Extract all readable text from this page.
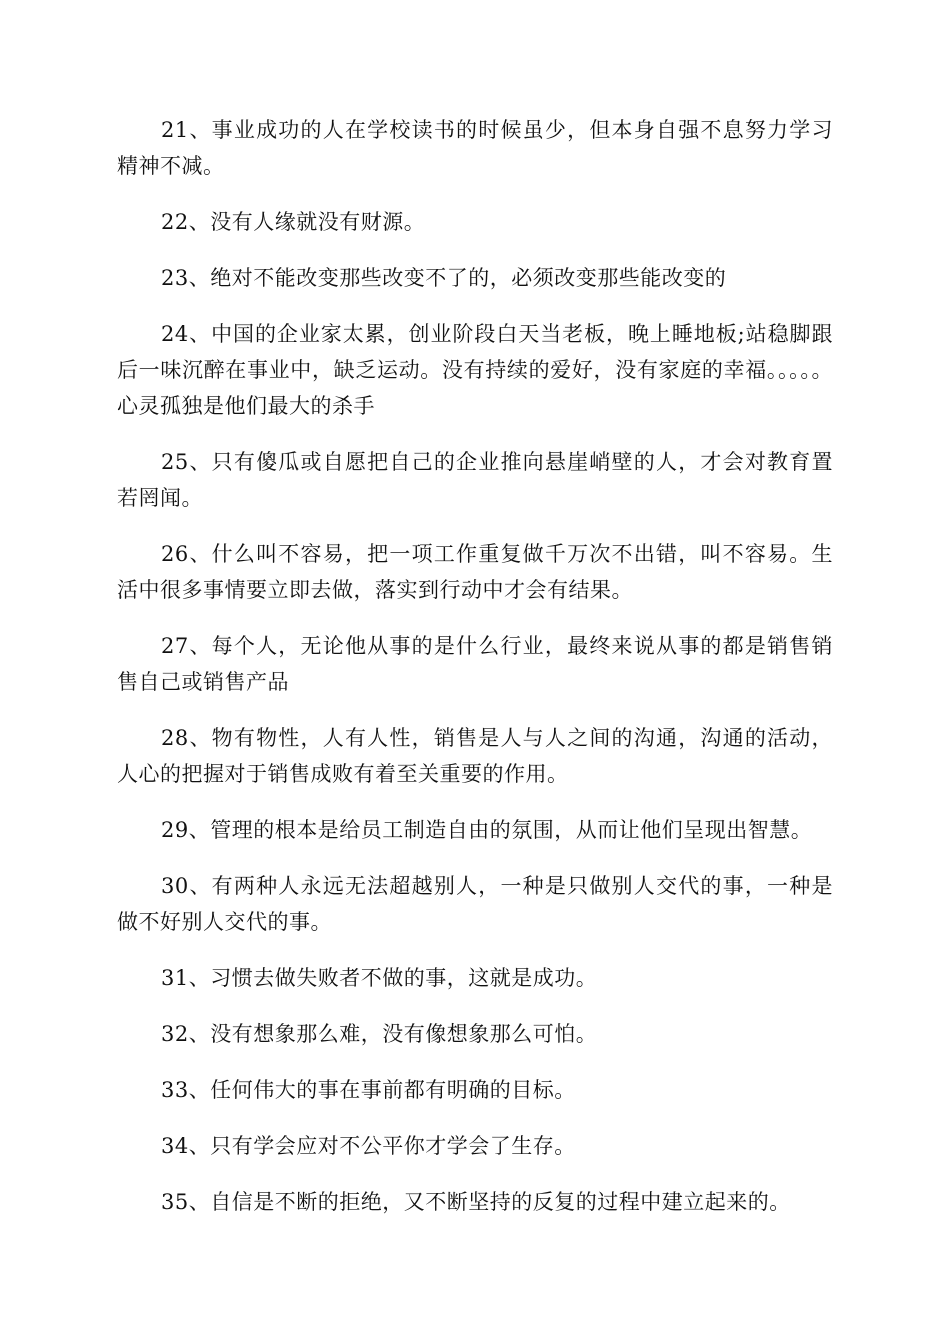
21、事业成功的人在学校读书的时候虽少，但本身自强不息努力学习精神不减。

22、没有人缘就没有财源。

23、绝对不能改变那些改变不了的，必须改变那些能改变的

24、中国的企业家太累，创业阶段白天当老板，晚上睡地板;站稳脚跟后一味沉醉在事业中，缺乏运动。没有持续的爱好，没有家庭的幸福。。。。。心灵孤独是他们最大的杀手

25、只有傻瓜或自愿把自己的企业推向悬崖峭壁的人，才会对教育置若罔闻。

26、什么叫不容易，把一项工作重复做千万次不出错，叫不容易。生活中很多事情要立即去做，落实到行动中才会有结果。

27、每个人，无论他从事的是什么行业，最终来说从事的都是销售销售自己或销售产品

28、物有物性，人有人性，销售是人与人之间的沟通，沟通的活动，人心的把握对于销售成败有着至关重要的作用。

29、管理的根本是给员工制造自由的氛围，从而让他们呈现出智慧。

30、有两种人永远无法超越别人，一种是只做别人交代的事，一种是做不好别人交代的事。

31、习惯去做失败者不做的事，这就是成功。

32、没有想象那么难，没有像想象那么可怕。

33、任何伟大的事在事前都有明确的目标。

34、只有学会应对不公平你才学会了生存。

35、自信是不断的拒绝，又不断坚持的反复的过程中建立起来的。
